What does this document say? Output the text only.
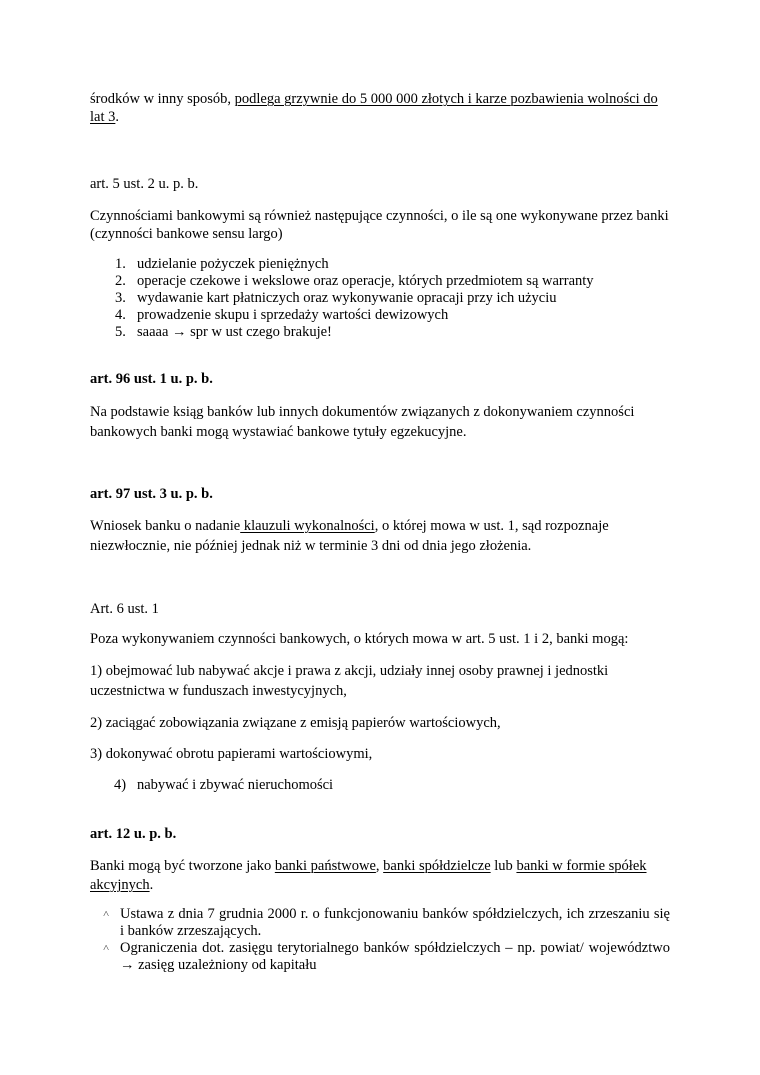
środków w inny sposób, podlega grzywnie do 5 000 000 złotych i karze pozbawienia wolności do lat 3.

art. 5 ust. 2 u. p. b.

Czynnościami bankowymi są również następujące czynności, o ile są one wykonywane przez banki (czynności bankowe sensu largo)

1. udzielanie pożyczek pieniężnych
2. operacje czekowe i wekslowe oraz operacje, których przedmiotem są warranty
3. wydawanie kart płatniczych oraz wykonywanie opracaji przy ich użyciu
4. prowadzenie skupu i sprzedaży wartości dewizowych
5. saaaa → spr w ust czego brakuje!

art. 96 ust. 1 u. p. b.

Na podstawie ksiąg banków lub innych dokumentów związanych z dokonywaniem czynności bankowych banki mogą wystawiać bankowe tytuły egzekucyjne.

art. 97 ust. 3 u. p. b.

Wniosek banku o nadanie klauzuli wykonalności, o której mowa w ust. 1, sąd rozpoznaje niezwłocznie, nie później jednak niż w terminie 3 dni od dnia jego złożenia.

Art. 6 ust. 1

Poza wykonywaniem czynności bankowych, o których mowa w art. 5 ust. 1 i 2, banki mogą:

1) obejmować lub nabywać akcje i prawa z akcji, udziały innej osoby prawnej i jednostki uczestnictwa w funduszach inwestycyjnych,

2) zaciągać zobowiązania związane z emisją papierów wartościowych,

3) dokonywać obrotu papierami wartościowymi,

4) nabywać i zbywać nieruchomości

art. 12 u. p. b.

Banki mogą być tworzone jako banki państwowe, banki spółdzielcze lub banki w formie spółek akcyjnych.

˄ Ustawa z dnia 7 grudnia 2000 r. o funkcjonowaniu banków spółdzielczych, ich zrzeszaniu się i banków zrzeszających.
˄ Ograniczenia dot. zasięgu terytorialnego banków spółdzielczych – np. powiat/ województwo → zasięg uzależniony od kapitału
